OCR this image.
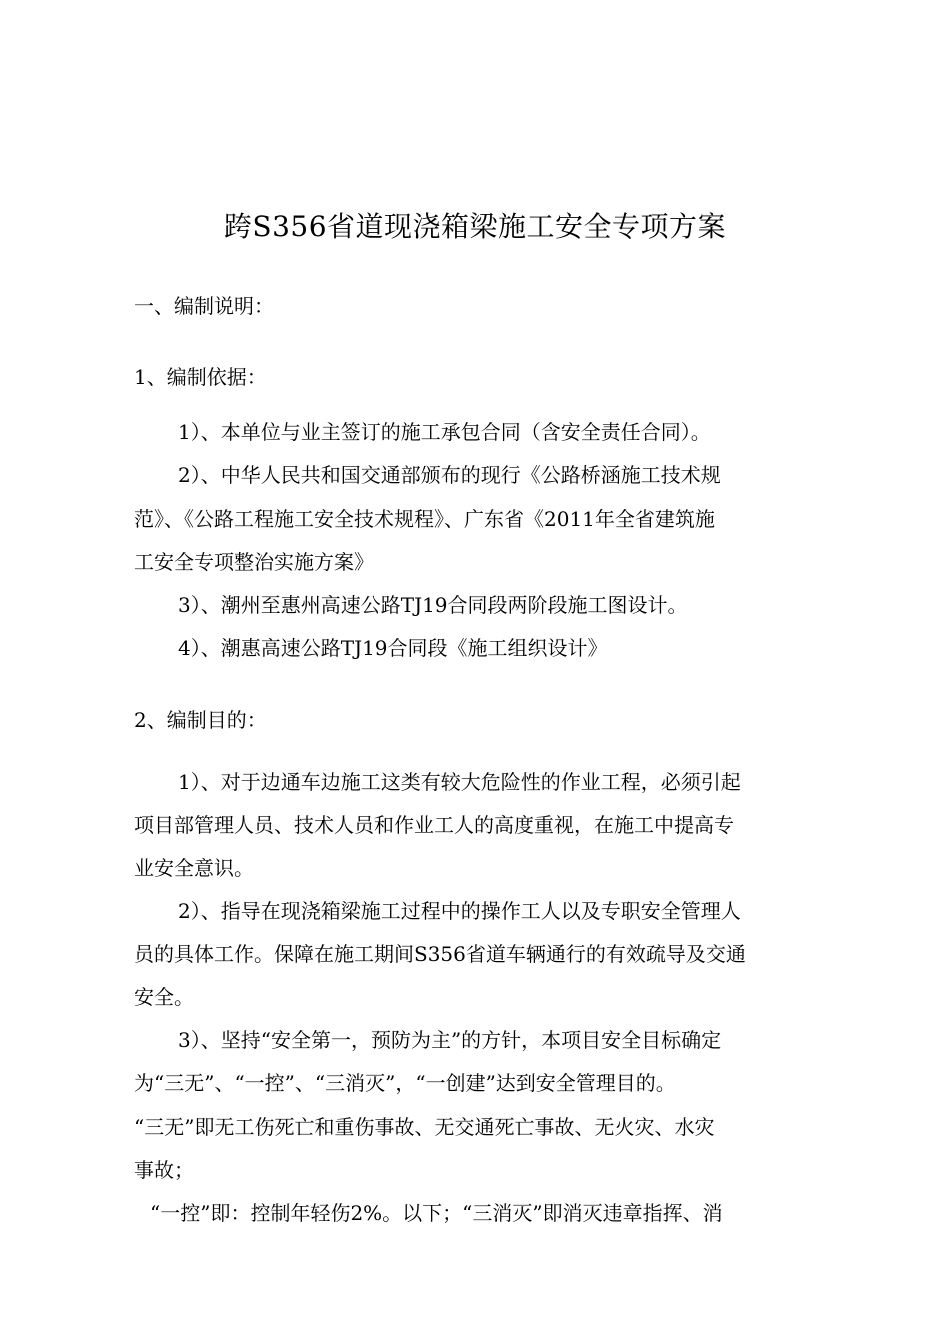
跨S356省道现浇箱梁施工安全专项方案
一、编制说明：
1、编制依据：
1）、本单位与业主签订的施工承包合同（含安全责任合同）。
2）、中华人民共和国交通部颁布的现行《公路桥涵施工技术规
范》、《公路工程施工安全技术规程》、广东省《2011年全省建筑施
工安全专项整治实施方案》
3）、潮州至惠州高速公路TJ19合同段两阶段施工图设计。
4）、潮惠高速公路TJ19合同段《施工组织设计》
2、编制目的：
1）、对于边通车边施工这类有较大危险性的作业工程，必须引起
项目部管理人员、技术人员和作业工人的高度重视，在施工中提高专
业安全意识。
2）、指导在现浇箱梁施工过程中的操作工人以及专职安全管理人
员的具体工作。保障在施工期间S356省道车辆通行的有效疏导及交通
安全。
3）、坚持“安全第一，预防为主”的方针，本项目安全目标确定
为“三无”、“一控”、“三消灭”，“一创建”达到安全管理目的。
“三无”即无工伤死亡和重伤事故、无交通死亡事故、无火灾、水灾
事故；
“一控”即：控制年轻伤2%。以下；“三消灭”即消灭违章指挥、消
